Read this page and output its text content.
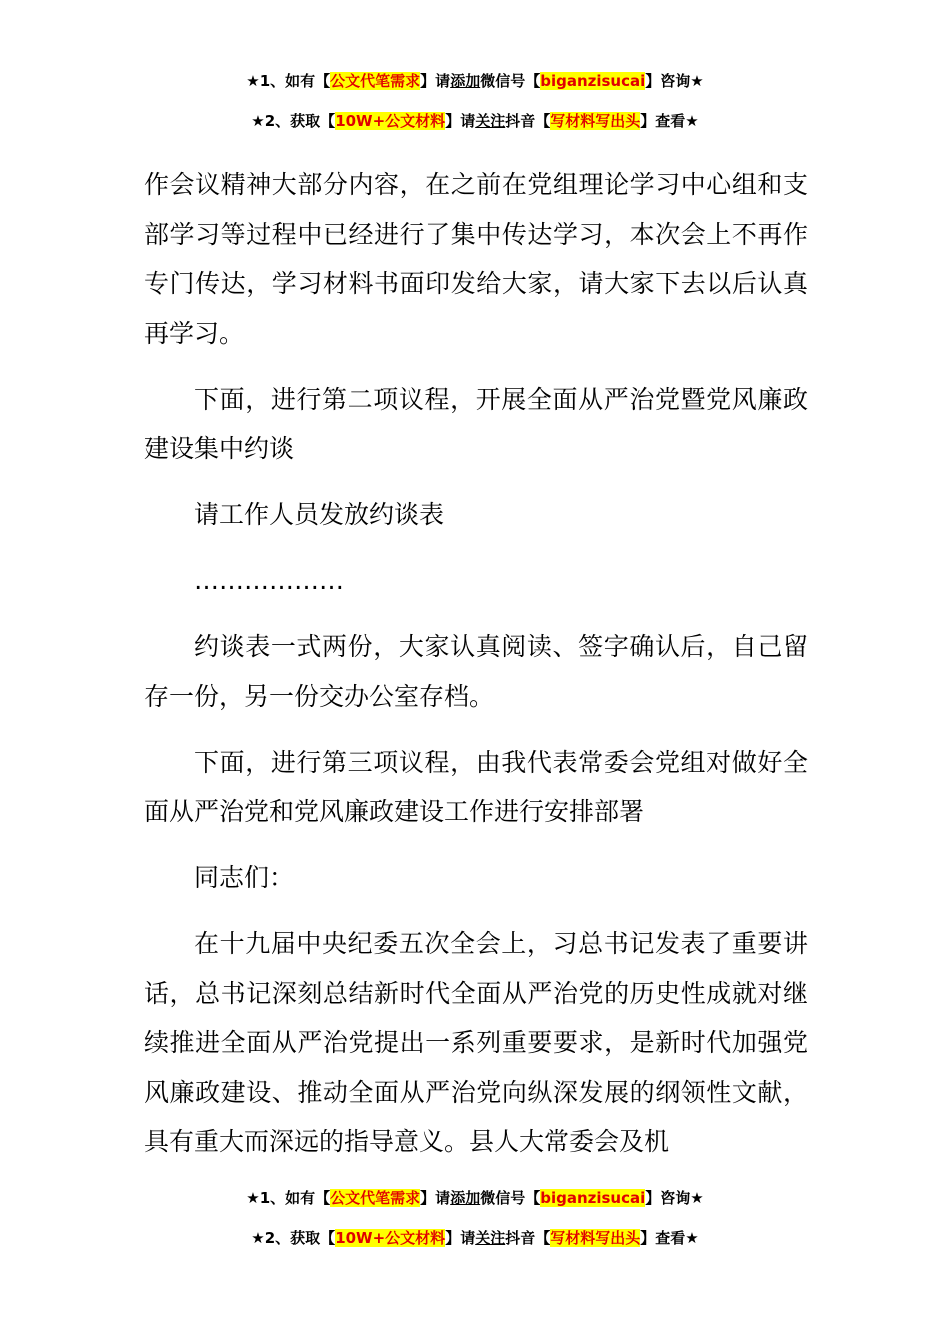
★1、如有【公文代笔需求】请添加微信号【biganzisucai】咨询★
★2、获取【10W+公文材料】请关注抖音【写材料写出头】查看★

作会议精神大部分内容，在之前在党组理论学习中心组和支部学习等过程中已经进行了集中传达学习，本次会上不再作专门传达，学习材料书面印发给大家，请大家下去以后认真再学习。

下面，进行第二项议程，开展全面从严治党暨党风廉政建设集中约谈

请工作人员发放约谈表

………………

约谈表一式两份，大家认真阅读、签字确认后，自己留存一份，另一份交办公室存档。

下面，进行第三项议程，由我代表常委会党组对做好全面从严治党和党风廉政建设工作进行安排部署

同志们：

在十九届中央纪委五次全会上，习总书记发表了重要讲话，总书记深刻总结新时代全面从严治党的历史性成就对继续推进全面从严治党提出一系列重要要求，是新时代加强党风廉政建设、推动全面从严治党向纵深发展的纲领性文献，具有重大而深远的指导意义。县人大常委会及机

★1、如有【公文代笔需求】请添加微信号【biganzisucai】咨询★
★2、获取【10W+公文材料】请关注抖音【写材料写出头】查看★
